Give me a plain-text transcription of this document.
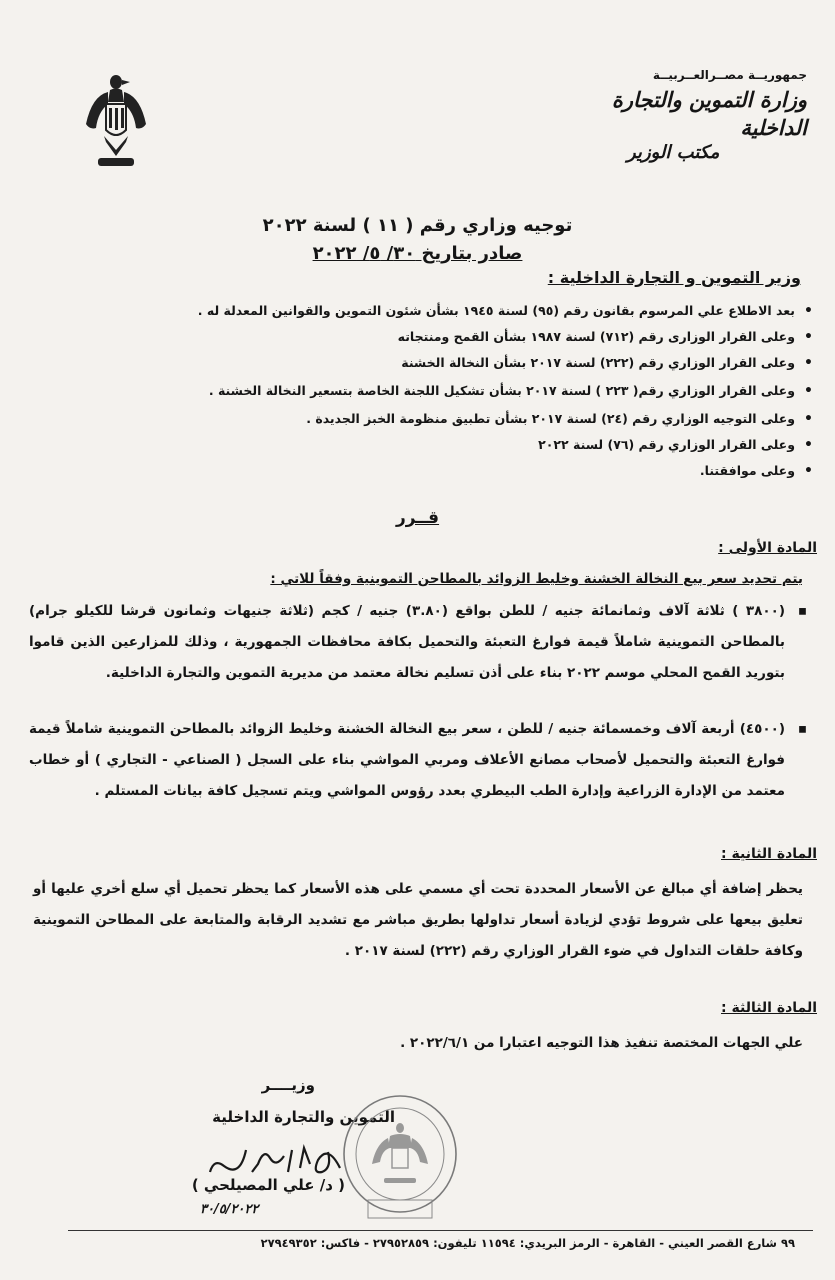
جمهوريــة مصــرالعــربيــة
وزارة التموين والتجارة الداخلية
مكتب الوزير
توجيه وزاري رقم ( ١١ ) لسنة ٢٠٢٢
صادر بتاريخ ٣٠/ ٥/ ٢٠٢٢
وزير التموين و التجارة الداخلية :
• بعد الاطلاع علي المرسوم بقانون رقم (٩٥) لسنة ١٩٤٥ بشأن شئون التموين والقوانين المعدلة له .
• وعلى القرار الوزارى رقم (٧١٢) لسنة ١٩٨٧ بشأن القمح ومنتجاته
• وعلى القرار الوزاري رقم (٢٢٢) لسنة ٢٠١٧ بشأن النخالة الخشنة
• وعلى القرار الوزاري رقم( ٢٢٣ ) لسنة ٢٠١٧ بشأن تشكيل اللجنة الخاصة بتسعير النخالة الخشنة .
• وعلى التوجيه الوزاري رقم (٢٤) لسنة ٢٠١٧ بشأن تطبيق منظومة الخبز الجديدة .
• وعلى القرار الوزاري رقم (٧٦) لسنة ٢٠٢٢
• وعلى موافقتنا.
قــرر
المادة الأولى :
يتم تحديد سعر بيع النخالة الخشنة وخليط الزوائد بالمطاحن التموينية وفقاً للاتي :
▪
(٣٨٠٠ ) ثلاثة آلاف وثمانمائة جنيه / للطن بواقع (٣.٨٠) جنيه / كجم (ثلاثة جنيهات وثمانون قرشا للكيلو جرام) بالمطاحن التموينية شاملاً قيمة فوارغ التعبئة والتحميل بكافة محافظات الجمهورية ، وذلك للمزارعين الذين قاموا بتوريد القمح المحلي موسم ٢٠٢٢ بناء على أذن تسليم نخالة معتمد من مديرية التموين والتجارة الداخلية.
▪
(٤٥٠٠) أربعة آلاف وخمسمائة جنيه / للطن ، سعر بيع النخالة الخشنة وخليط الزوائد بالمطاحن التموينية شاملاً قيمة فوارغ التعبئة والتحميل لأصحاب مصانع الأعلاف ومربي المواشي بناء على السجل ( الصناعي - التجاري ) أو خطاب معتمد من الإدارة الزراعية وإدارة الطب البيطري بعدد رؤوس المواشي ويتم تسجيل كافة بيانات المستلم .
المادة الثانية :
يحظر إضافة أي مبالغ عن الأسعار المحددة تحت أي مسمي على هذه الأسعار كما يحظر تحميل أي سلع أخري عليها أو تعليق بيعها على شروط تؤدي لزيادة أسعار تداولها بطريق مباشر مع تشديد الرقابة والمتابعة على المطاحن التموينية وكافة حلقات التداول في ضوء القرار الوزاري رقم (٢٢٢) لسنة ٢٠١٧ .
المادة الثالثة :
علي الجهات المختصة تنفيذ هذا التوجيه اعتبارا من ٢٠٢٢/٦/١ .
وزيــــر
التموين والتجارة الداخلية
( د/ علي المصيلحي )
٣٠/٥/٢٠٢٢
٩٩ شارع القصر العيني - القاهرة - الرمز البريدي: ١١٥٩٤ تليفون: ٢٧٩٥٢٨٥٩ - فاكس: ٢٧٩٤٩٣٥٢
